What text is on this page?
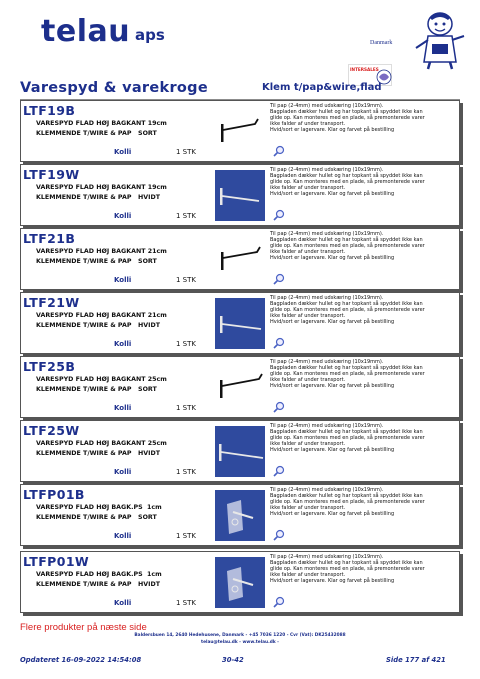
telau aps	Danmark
INTERSALES
Varespyd & varekroge	Klem t/pap&wire,flad
LTF19B
VARESPYD FLAD HØJ BAGKANT 19cm
KLEMMENDE T/WIRE & PAP   SORT
Kolli	1 STK
Til pap (2-4mm) med udskæring (10x19mm).
Bagpladen dækker hullet og har topkant så spyddet ikke kan
glide op. Kan monteres med en plade, så premonterede varer
ikke falder af under transport.
Hvid/sort er lagervare. Klar og farvet på bestilling
LTF19W
VARESPYD FLAD HØJ BAGKANT 19cm
KLEMMENDE T/WIRE & PAP   HVIDT
Kolli	1 STK
Til pap (2-4mm) med udskæring (10x19mm).
Bagpladen dækker hullet og har topkant så spyddet ikke kan
glide op. Kan monteres med en plade, så premonterede varer
ikke falder af under transport.
Hvid/sort er lagervare. Klar og farvet på bestilling
LTF21B
VARESPYD FLAD HØJ BAGKANT 21cm
KLEMMENDE T/WIRE & PAP   SORT
Kolli	1 STK
Til pap (2-4mm) med udskæring (10x19mm).
Bagpladen dækker hullet og har topkant så spyddet ikke kan
glide op. Kan monteres med en plade, så premonterede varer
ikke falder af under transport.
Hvid/sort er lagervare. Klar og farvet på bestilling
LTF21W
VARESPYD FLAD HØJ BAGKANT 21cm
KLEMMENDE T/WIRE & PAP   HVIDT
Kolli	1 STK
Til pap (2-4mm) med udskæring (10x19mm).
Bagpladen dækker hullet og har topkant så spyddet ikke kan
glide op. Kan monteres med en plade, så premonterede varer
ikke falder af under transport.
Hvid/sort er lagervare. Klar og farvet på bestilling
LTF25B
VARESPYD FLAD HØJ BAGKANT 25cm
KLEMMENDE T/WIRE & PAP   SORT
Kolli	1 STK
Til pap (2-4mm) med udskæring (10x19mm).
Bagpladen dækker hullet og har topkant så spyddet ikke kan
glide op. Kan monteres med en plade, så premonterede varer
ikke falder af under transport.
Hvid/sort er lagervare. Klar og farvet på bestilling
LTF25W
VARESPYD FLAD HØJ BAGKANT 25cm
KLEMMENDE T/WIRE & PAP   HVIDT
Kolli	1 STK
Til pap (2-4mm) med udskæring (10x19mm).
Bagpladen dækker hullet og har topkant så spyddet ikke kan
glide op. Kan monteres med en plade, så premonterede varer
ikke falder af under transport.
Hvid/sort er lagervare. Klar og farvet på bestilling
LTFP01B
VARESPYD FLAD HØJ BAGK.PS  1cm
KLEMMENDE T/WIRE & PAP   SORT
Kolli	1 STK
Til pap (2-4mm) med udskæring (10x19mm).
Bagpladen dækker hullet og har topkant så spyddet ikke kan
glide op. Kan monteres med en plade, så premonterede varer
ikke falder af under transport.
Hvid/sort er lagervare. Klar og farvet på bestilling
LTFP01W
VARESPYD FLAD HØJ BAGK.PS  1cm
KLEMMENDE T/WIRE & PAP   HVIDT
Kolli	1 STK
Til pap (2-4mm) med udskæring (10x19mm).
Bagpladen dækker hullet og har topkant så spyddet ikke kan
glide op. Kan monteres med en plade, så premonterede varer
ikke falder af under transport.
Hvid/sort er lagervare. Klar og farvet på bestilling
Flere produkter på næste side
Baldersbuen 14, 2640 Hedehusene, Danmark - +45 7036 1220 - Cvr (Vat): DK25432088
telau@telau.dk - www.telau.dk -
Opdateret 16-09-2022 14:54:08	30-42	Side 177 af 421
